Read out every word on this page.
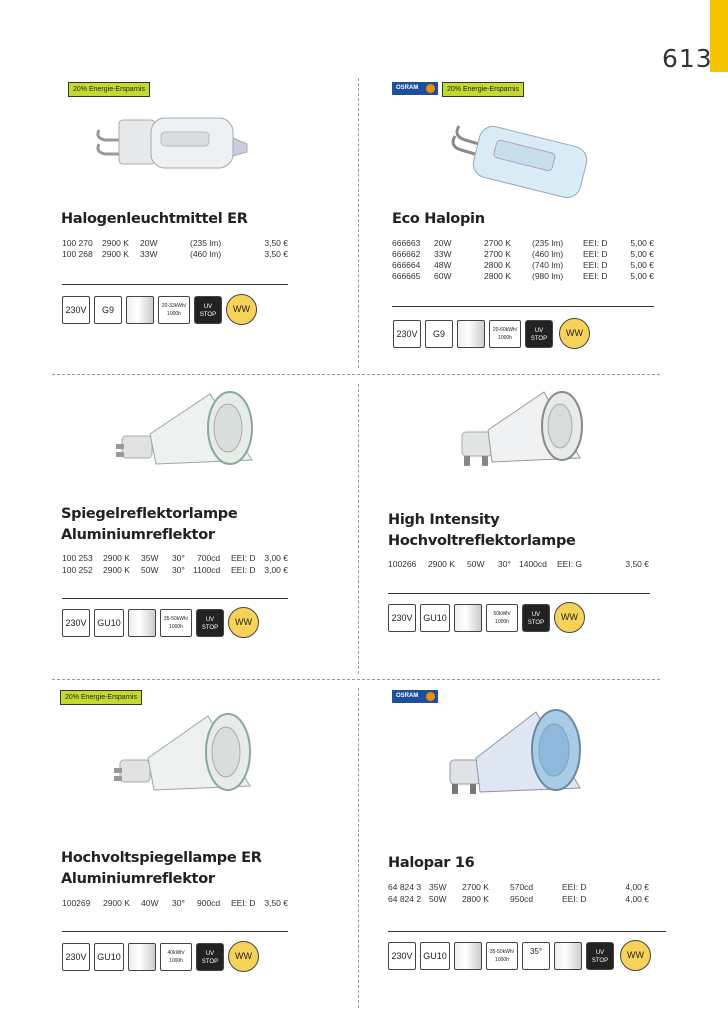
613
20% Energie-Ersparnis
Halogenleuchtmittel ER
100 270 2900 K 20W	(235 lm)	3,50 €
100 268 2900 K 33W	(460 lm)	3,50 €
230V	G9	20-33kWh/ 1000h
UV STOP
WW
OSRAM	20% Energie-Ersparnis
Eco Halopin
666663 20W	2700 K (235 lm) EEI: D	5,00 €
666662 33W	2700 K (460 lm) EEI: D	5,00 €
666664 48W	2800 K (740 lm) EEI: D	5,00 €
666665 60W	2800 K (980 lm) EEI: D	5,00 €
230V	G9	20-60kWh/ 1000h
UV STOP
WW
Spiegelreflektorlampe
Aluminiumreflektor
100 253 2900 K 35W 30° 700cd EEI: D 3,00 €
100 252 2900 K 50W 30° 1100cd EEI: D 3,00 €
230V	GU10	35-50kWh/ 1000h
UV STOP
WW
High Intensity
Hochvoltreflektorlampe
100266 2900 K 50W 30° 1400cd EEI: G	3,50 €
230V	GU10	50kWh/ 1000h
UV STOP
WW
20% Energie-Ersparnis
Hochvoltspiegellampe ER
Aluminiumreflektor
100269 2900 K 40W 30° 900cd EEI: D 3,50 €
230V	GU10	40kWh/ 1000h
UV STOP
WW
OSRAM
Halopar 16
64 824 3 35W 2700 K 570cd	EEI: D	4,00 €
64 824 2 50W 2800 K 950cd	EEI: D	4,00 €
230V	GU10	35-50kWh/ 1000h
35°	UV STOP
WW
